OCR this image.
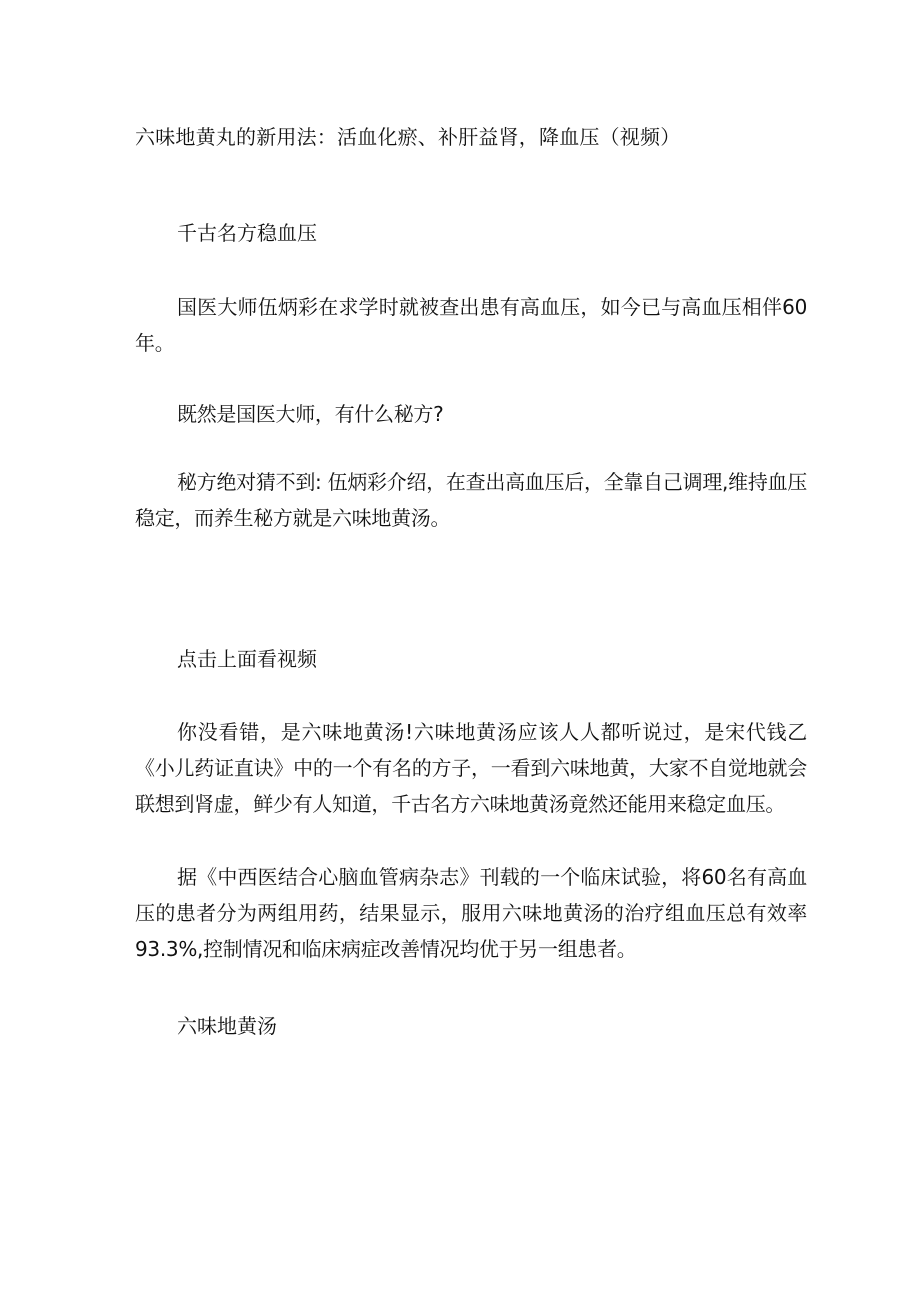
六味地黄丸的新用法：活血化瘀、补肝益肾，降血压（视频）
千古名方稳血压
国医大师伍炳彩在求学时就被查出患有高血压，如今已与高血压相伴60年。
既然是国医大师，有什么秘方?
秘方绝对猜不到: 伍炳彩介绍，在查出高血压后，全靠自己调理,维持血压稳定，而养生秘方就是六味地黄汤。
点击上面看视频
你没看错，是六味地黄汤!六味地黄汤应该人人都听说过，是宋代钱乙《小儿药证直诀》中的一个有名的方子，一看到六味地黄，大家不自觉地就会联想到肾虚，鲜少有人知道，千古名方六味地黄汤竟然还能用来稳定血压。
据《中西医结合心脑血管病杂志》刊载的一个临床试验，将60名有高血压的患者分为两组用药，结果显示，服用六味地黄汤的治疗组血压总有效率93.3%,控制情况和临床病症改善情况均优于另一组患者。
六味地黄汤
